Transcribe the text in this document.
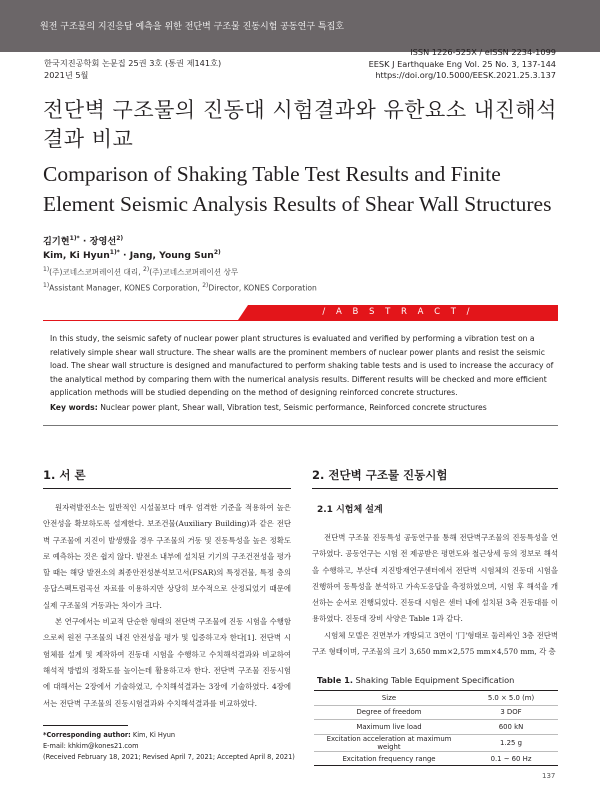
원전 구조물의 지진응답 예측을 위한 전단벽 구조물 진동시험 공동연구 특집호
한국지진공학회 논문집 25권 3호 (통권 제141호)
2021년 5월
ISSN 1226-525X / eISSN 2234-1099
EESK J Earthquake Eng Vol. 25 No. 3, 137-144
https://doi.org/10.5000/EESK.2021.25.3.137
전단벽 구조물의 진동대 시험결과와 유한요소 내진해석 결과 비교
Comparison of Shaking Table Test Results and Finite Element Seismic Analysis Results of Shear Wall Structures
김기현$^{1)*}$ · 장영선$^{2)}$
Kim, Ki Hyun$^{1)*}$ · Jang, Young Sun$^{2)}$
$^{1)}$(주)코네스코퍼레이션 대리, $^{2)}$(주)코네스코퍼레이션 상무
$^{1)}$Assistant Manager, KONES Corporation, $^{2)}$Director, KONES Corporation
/ A B S T R A C T /
In this study, the seismic safety of nuclear power plant structures is evaluated and verified by performing a vibration test on a relatively simple shear wall structure. The shear walls are the prominent members of nuclear power plants and resist the seismic load. The shear wall structure is designed and manufactured to perform shaking table tests and is used to increase the accuracy of the analytical method by comparing them with the numerical analysis results. Different results will be checked and more efficient application methods will be studied depending on the method of designing reinforced concrete structures.
Key words: Nuclear power plant, Shear wall, Vibration test, Seismic performance, Reinforced concrete structures
1. 서 론

원자력발전소는 일반적인 시설물보다 매우 엄격한 기준을 적용하여 높은 안전성을 확보하도록 설계한다. 보조건물(Auxiliary Building)과 같은 전단벽 구조물에 지진이 발생했을 경우 구조물의 거동 및 진동특성을 높은 정확도로 예측하는 것은 쉽지 않다. 발전소 내부에 설치된 기기의 구조건전성을 평가할 때는 해당 발전소의 최종안전성분석보고서(FSAR)의 특정건물, 특정 층의 응답스펙트럼곡선 자료를 이용하지만 상당히 보수적으로 산정되었기 때문에 실제 구조물의 거동과는 차이가 크다.

본 연구에서는 비교적 단순한 형태의 전단벽 구조물에 진동 시험을 수행함으로써 원전 구조물의 내진 안전성을 평가 및 입증하고자 한다[1]. 전단벽 시험체를 설계 및 제작하여 진동대 시험을 수행하고 수치해석결과와 비교하여 해석적 방법의 정확도를 높이는데 활용하고자 한다. 전단벽 구조물 진동시험에 대해서는 2장에서 기술하였고, 수치해석결과는 3장에 기술하였다. 4장에서는 전단벽 구조물의 진동시험결과와 수치해석결과를 비교하였다.

*Corresponding author: Kim, Ki Hyun
E-mail: khkim@kones21.com
(Received February 18, 2021; Revised April 7, 2021; Accepted April 8, 2021)
2. 전단벽 구조물 진동시험
2.1 시험체 설계

전단벽 구조물 진동특성 공동연구를 통해 전단벽구조물의 진동특성을 연구하였다. 공동연구는 시험 전 제공받은 평면도와 철근상세 등의 정보로 해석을 수행하고, 부산대 지진방재연구센터에서 전단벽 시험체의 진동대 시험을 진행하여 동특성을 분석하고 가속도응답을 측정하였으며, 시험 후 해석을 개선하는 순서로 진행되었다. 진동대 시험은 센터 내에 설치된 3축 진동대를 이용하였다. 진동대 장비 사양은 Table 1과 같다.

시험체 모델은 진면부가 개방되고 3면이 '冂'형태로 둘러싸인 3층 전단벽 구조 형태이며, 구조물의 크기 3,650 mm×2,575 mm×4,570 mm, 각 층

Table 1. Shaking Table Equipment Specification
Size	5.0 × 5.0 (m)
Degree of freedom	3 DOF
Maximum live load	600 kN
Excitation acceleration at maximum weight	1.25 g
Excitation frequency range	0.1 ~ 60 Hz
137
